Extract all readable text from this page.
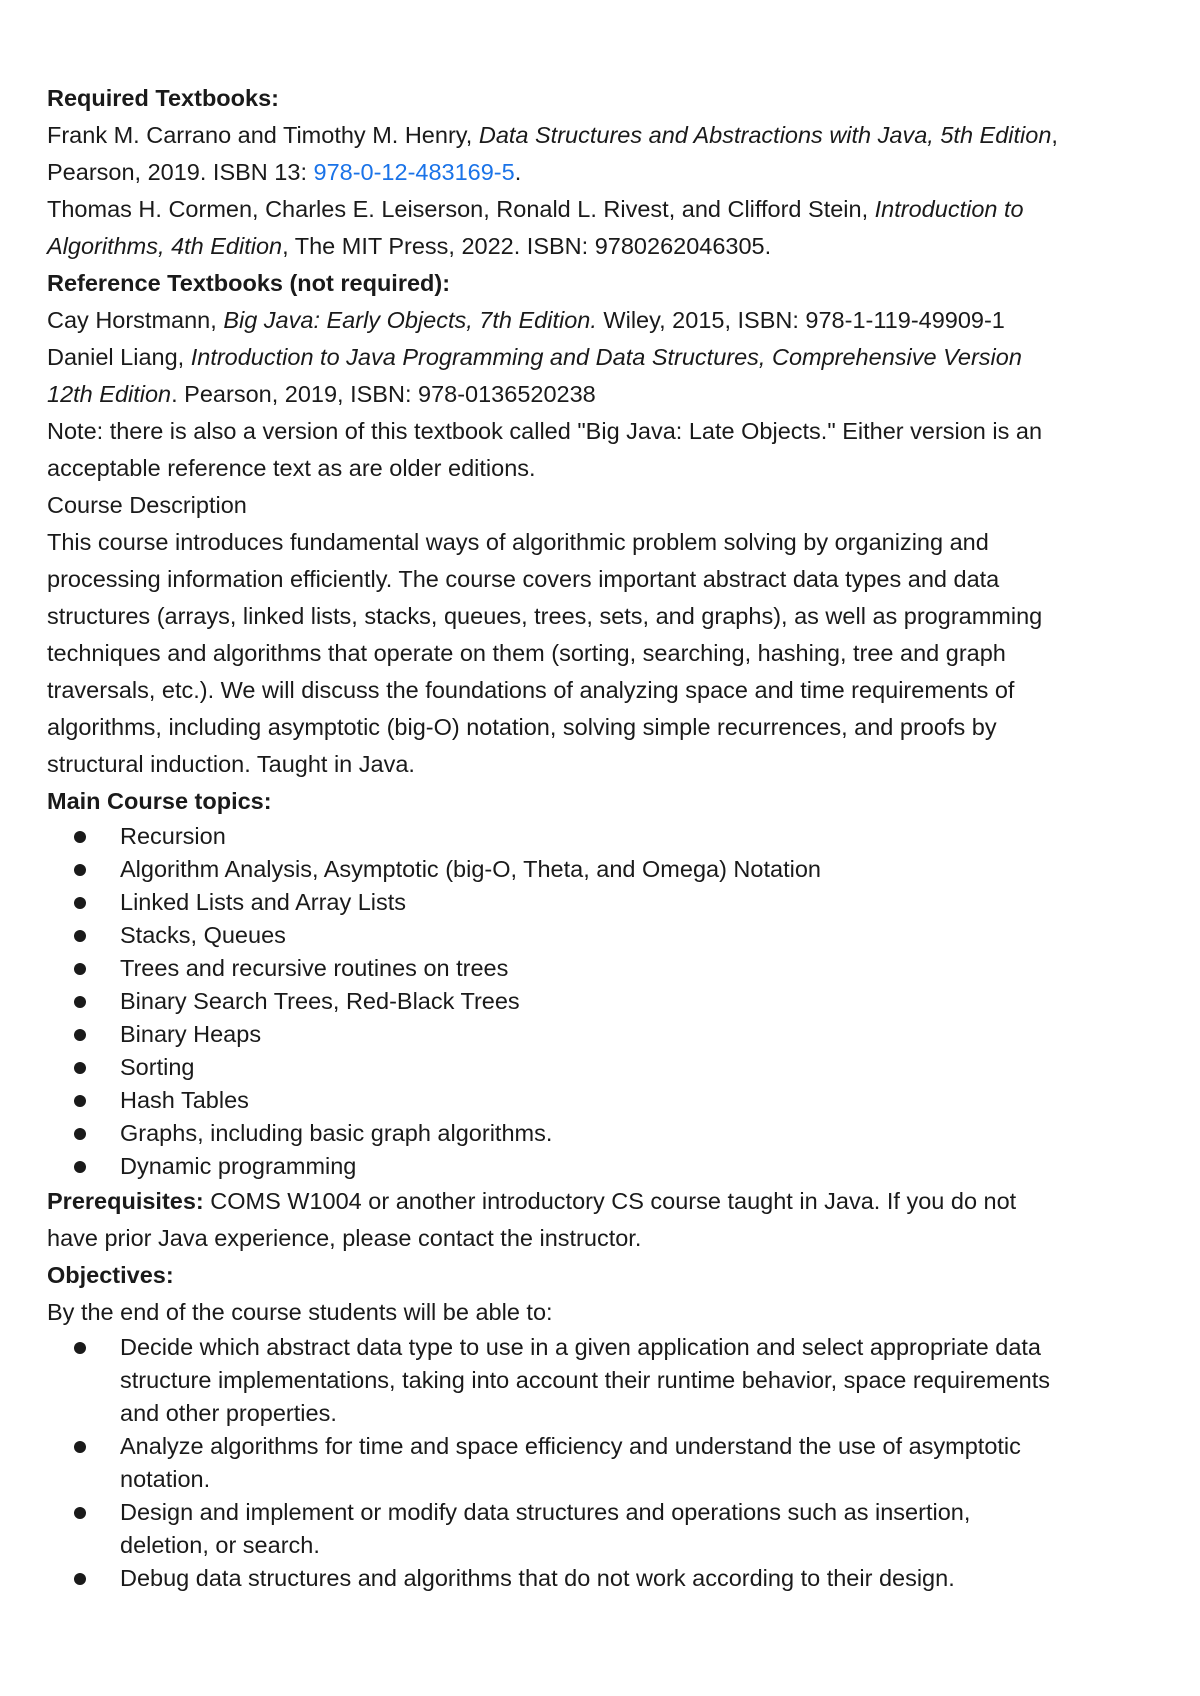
Required Textbooks:
Frank M. Carrano and Timothy M. Henry, Data Structures and Abstractions with Java, 5th Edition,
Pearson, 2019. ISBN 13: 978-0-12-483169-5.
Thomas H. Cormen, Charles E. Leiserson, Ronald L. Rivest, and Clifford Stein, Introduction to
Algorithms, 4th Edition, The MIT Press, 2022. ISBN: 9780262046305.
Reference Textbooks (not required):
Cay Horstmann, Big Java: Early Objects, 7th Edition. Wiley, 2015, ISBN: 978-1-119-49909-1
Daniel Liang, Introduction to Java Programming and Data Structures, Comprehensive Version
12th Edition. Pearson, 2019, ISBN: 978-0136520238
Note: there is also a version of this textbook called "Big Java: Late Objects." Either version is an
acceptable reference text as are older editions.
Course Description
This course introduces fundamental ways of algorithmic problem solving by organizing and
processing information efficiently. The course covers important abstract data types and data
structures (arrays, linked lists, stacks, queues, trees, sets, and graphs), as well as programming
techniques and algorithms that operate on them (sorting, searching, hashing, tree and graph
traversals, etc.). We will discuss the foundations of analyzing space and time requirements of
algorithms, including asymptotic (big-O) notation, solving simple recurrences, and proofs by
structural induction. Taught in Java.
Main Course topics:
Recursion
Algorithm Analysis, Asymptotic (big-O, Theta, and Omega) Notation
Linked Lists and Array Lists
Stacks, Queues
Trees and recursive routines on trees
Binary Search Trees, Red-Black Trees
Binary Heaps
Sorting
Hash Tables
Graphs, including basic graph algorithms.
Dynamic programming
Prerequisites: COMS W1004 or another introductory CS course taught in Java. If you do not
have prior Java experience, please contact the instructor.
Objectives:
By the end of the course students will be able to:
Decide which abstract data type to use in a given application and select appropriate data
structure implementations, taking into account their runtime behavior, space requirements
and other properties.
Analyze algorithms for time and space efficiency and understand the use of asymptotic
notation.
Design and implement or modify data structures and operations such as insertion,
deletion, or search.
Debug data structures and algorithms that do not work according to their design.
